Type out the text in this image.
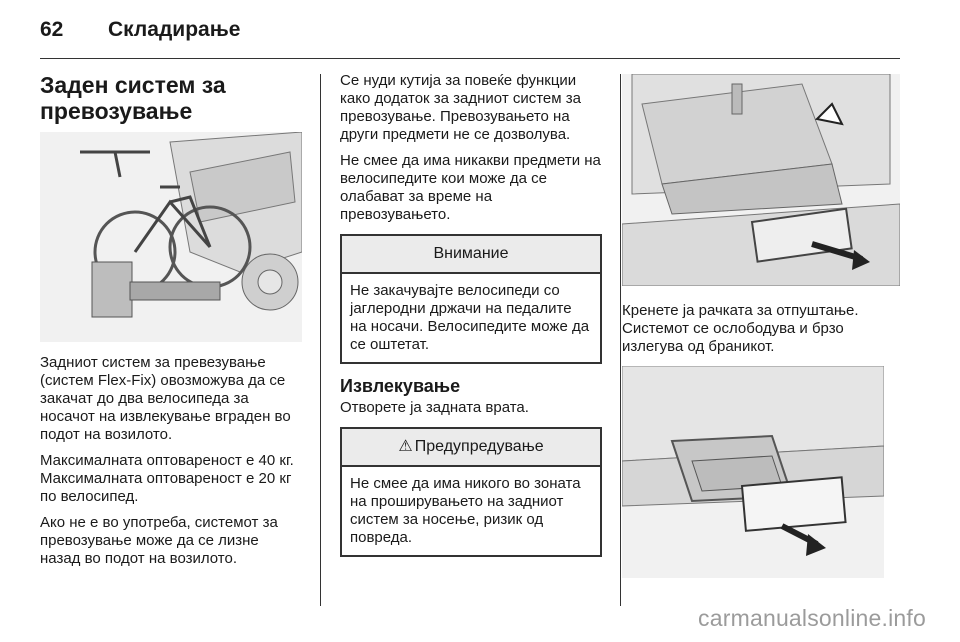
62 Складирање
Заден систем за превозување

Задниот систем за превезување (систем Flex-Fix) овозможува да се закачат до два велосипеда за носачот на извлекување вграден во подот на возилото.

Максималната оптовареност е 40 кг. Максималната оптовареност е 20 кг по велосипед.

Ако не е во употреба, системот за превозување може да се лизне назад во подот на возилото.

Се нуди кутија за повеќе функции како додаток за задниот систем за превозување. Превозувањето на други предмети не се дозволува.

Не смее да има никакви предмети на велосипедите кои може да се олабават за време на превозувањето.

Внимание
Не закачувајте велосипеди со јаглеродни држачи на педалите на носачи. Велосипедите може да се оштетат.
Извлекување

Отворете ја задната врата.

⚠ Предупредување
Не смее да има никого во зоната на проширувањето на задниот систем за носење, ризик од повреда.

Кренете ја рачката за отпуштање. Системот се ослободува и брзо излегува од браникот.

carmanualsonline.info
